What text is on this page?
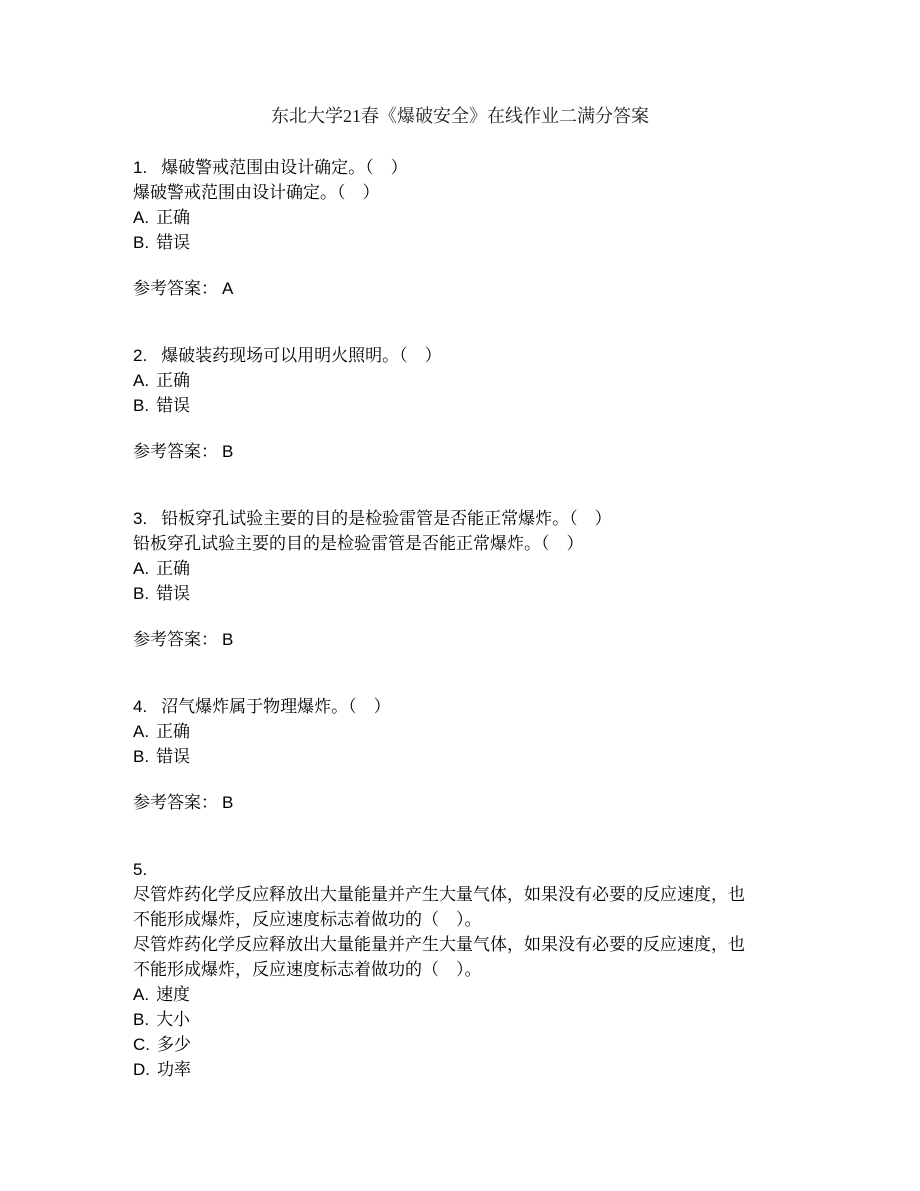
东北大学21春《爆破安全》在线作业二满分答案
1. 爆破警戒范围由设计确定。（　）
爆破警戒范围由设计确定。（　）
A. 正确
B. 错误
参考答案： A
2. 爆破装药现场可以用明火照明。（　）
A. 正确
B. 错误
参考答案： B
3. 铅板穿孔试验主要的目的是检验雷管是否能正常爆炸。（　）
铅板穿孔试验主要的目的是检验雷管是否能正常爆炸。（　）
A. 正确
B. 错误
参考答案： B
4. 沼气爆炸属于物理爆炸。（　）
A. 正确
B. 错误
参考答案： B
5.
尽管炸药化学反应释放出大量能量并产生大量气体，如果没有必要的反应速度，也
不能形成爆炸，反应速度标志着做功的（　）。
尽管炸药化学反应释放出大量能量并产生大量气体，如果没有必要的反应速度，也
不能形成爆炸，反应速度标志着做功的（　）。
A. 速度
B. 大小
C. 多少
D. 功率
